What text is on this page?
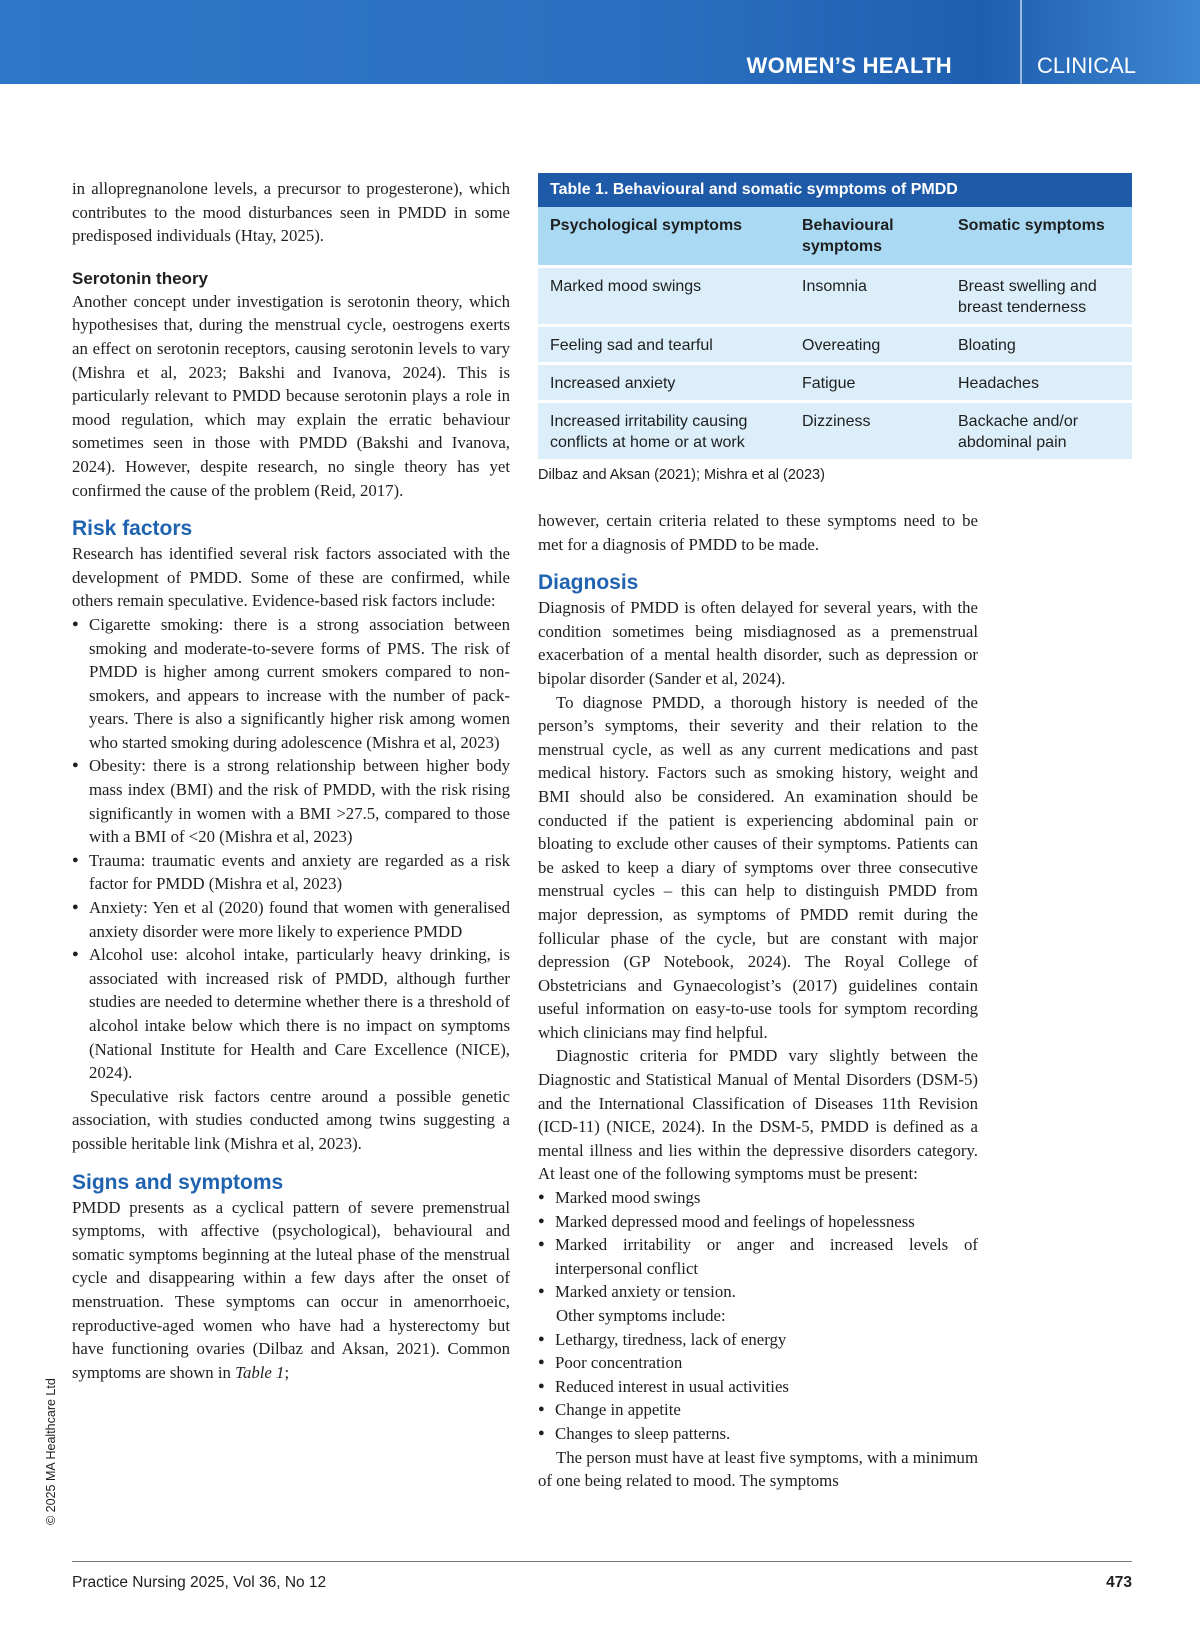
WOMEN’S HEALTH	CLINICAL

in allopregnanolone levels, a precursor to progesterone), which contributes to the mood disturbances seen in PMDD in some predisposed individuals (Htay, 2025).

Serotonin theory

Another concept under investigation is serotonin theory, which hypothesises that, during the menstrual cycle, oestrogens exerts an effect on serotonin receptors, causing serotonin levels to vary (Mishra et al, 2023; Bakshi and Ivanova, 2024). This is particularly relevant to PMDD because serotonin plays a role in mood regulation, which may explain the erratic behaviour sometimes seen in those with PMDD (Bakshi and Ivanova, 2024). However, despite research, no single theory has yet confirmed the cause of the problem (Reid, 2017).

Risk factors

Research has identified several risk factors associated with the development of PMDD. Some of these are confirmed, while others remain speculative. Evidence-based risk factors include:

● Cigarette smoking: there is a strong association between smoking and moderate-to-severe forms of PMS. The risk of PMDD is higher among current smokers compared to non-smokers, and appears to increase with the number of pack-years. There is also a significantly higher risk among women who started smoking during adolescence (Mishra et al, 2023)
● Obesity: there is a strong relationship between higher body mass index (BMI) and the risk of PMDD, with the risk rising significantly in women with a BMI >27.5, compared to those with a BMI of <20 (Mishra et al, 2023)
● Trauma: traumatic events and anxiety are regarded as a risk factor for PMDD (Mishra et al, 2023)
● Anxiety: Yen et al (2020) found that women with generalised anxiety disorder were more likely to experience PMDD
● Alcohol use: alcohol intake, particularly heavy drinking, is associated with increased risk of PMDD, although further studies are needed to determine whether there is a threshold of alcohol intake below which there is no impact on symptoms (National Institute for Health and Care Excellence (NICE), 2024).

Speculative risk factors centre around a possible genetic association, with studies conducted among twins suggesting a possible heritable link (Mishra et al, 2023).

Signs and symptoms

PMDD presents as a cyclical pattern of severe premenstrual symptoms, with affective (psychological), behavioural and somatic symptoms beginning at the luteal phase of the menstrual cycle and disappearing within a few days after the onset of menstruation. These symptoms can occur in amenorrhoeic, reproductive-aged women who have had a hysterectomy but have functioning ovaries (Dilbaz and Aksan, 2021). Common symptoms are shown in Table 1;

Table 1. Behavioural and somatic symptoms of PMDD
Psychological symptoms	Behavioural symptoms	Somatic symptoms
Marked mood swings	Insomnia	Breast swelling and breast tenderness
Feeling sad and tearful	Overeating	Bloating
Increased anxiety	Fatigue	Headaches
Increased irritability causing conflicts at home or at work	Dizziness	Backache and/or abdominal pain
Dilbaz and Aksan (2021); Mishra et al (2023)

however, certain criteria related to these symptoms need to be met for a diagnosis of PMDD to be made.

Diagnosis

Diagnosis of PMDD is often delayed for several years, with the condition sometimes being misdiagnosed as a premenstrual exacerbation of a mental health disorder, such as depression or bipolar disorder (Sander et al, 2024).

To diagnose PMDD, a thorough history is needed of the person’s symptoms, their severity and their relation to the menstrual cycle, as well as any current medications and past medical history. Factors such as smoking history, weight and BMI should also be considered. An examination should be conducted if the patient is experiencing abdominal pain or bloating to exclude other causes of their symptoms. Patients can be asked to keep a diary of symptoms over three consecutive menstrual cycles – this can help to distinguish PMDD from major depression, as symptoms of PMDD remit during the follicular phase of the cycle, but are constant with major depression (GP Notebook, 2024). The Royal College of Obstetricians and Gynaecologist’s (2017) guidelines contain useful information on easy-to-use tools for symptom recording which clinicians may find helpful.

Diagnostic criteria for PMDD vary slightly between the Diagnostic and Statistical Manual of Mental Disorders (DSM-5) and the International Classification of Diseases 11th Revision (ICD-11) (NICE, 2024). In the DSM-5, PMDD is defined as a mental illness and lies within the depressive disorders category. At least one of the following symptoms must be present:

● Marked mood swings
● Marked depressed mood and feelings of hopelessness
● Marked irritability or anger and increased levels of interpersonal conflict
● Marked anxiety or tension.

Other symptoms include:

● Lethargy, tiredness, lack of energy
● Poor concentration
● Reduced interest in usual activities
● Change in appetite
● Changes to sleep patterns.

The person must have at least five symptoms, with a minimum of one being related to mood. The symptoms

© 2025 MA Healthcare Ltd
Practice Nursing 2025, Vol 36, No 12	473
